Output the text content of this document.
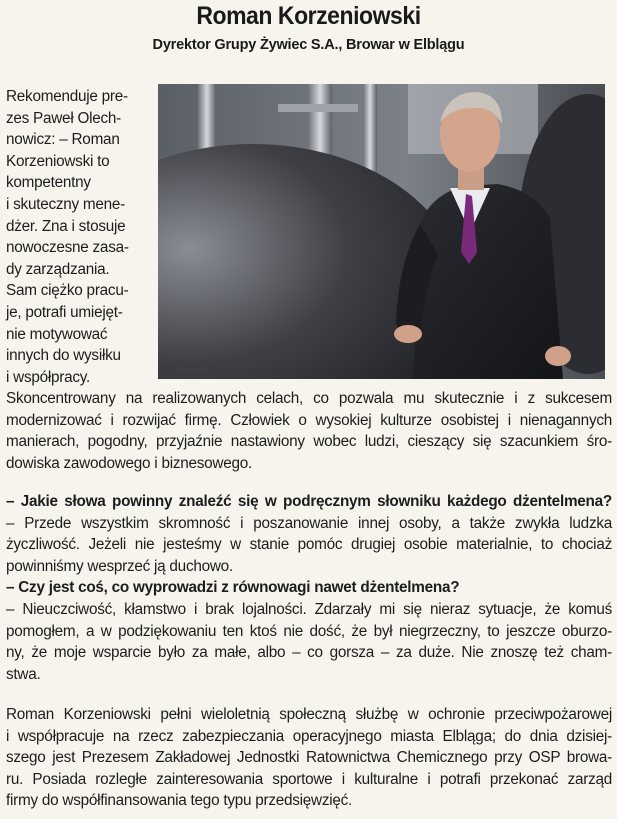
Roman Korzeniowski
Dyrektor Grupy Żywiec S.A., Browar w Elblągu
Rekomenduje pre-
zes Paweł Olech-
nowicz: – Roman
Korzeniowski to
kompetentny
i skuteczny mene-
dżer. Zna i stosuje
nowoczesne zasa-
dy zarządzania.
Sam ciężko pracu-
je, potrafi umiejęt-
nie motywować
innych do wysiłku
i współpracy.
Skoncentrowany na realizowanych celach, co pozwala mu skutecznie i z sukcesem
modernizować i rozwijać firmę. Człowiek o wysokiej kulturze osobistej i nienagannych
manierach, pogodny, przyjaźnie nastawiony wobec ludzi, cieszący się szacunkiem śro-
dowiska zawodowego i biznesowego.
– Jakie słowa powinny znaleźć się w podręcznym słowniku każdego dżentelmena?
– Przede wszystkim skromność i poszanowanie innej osoby, a także zwykła ludzka
życzliwość. Jeżeli nie jesteśmy w stanie pomóc drugiej osobie materialnie, to chociaż
powinniśmy wesprzeć ją duchowo.
– Czy jest coś, co wyprowadzi z równowagi nawet dżentelmena?
– Nieuczciwość, kłamstwo i brak lojalności. Zdarzały mi się nieraz sytuacje, że komuś
pomogłem, a w podziękowaniu ten ktoś nie dość, że był niegrzeczny, to jeszcze oburzo-
ny, że moje wsparcie było za małe, albo – co gorsza – za duże. Nie znoszę też cham-
stwa.
Roman Korzeniowski pełni wieloletnią społeczną służbę w ochronie przeciwpożarowej
i współpracuje na rzecz zabezpieczania operacyjnego miasta Elbląga; do dnia dzisiej-
szego jest Prezesem Zakładowej Jednostki Ratownictwa Chemicznego przy OSP browa-
ru. Posiada rozległe zainteresowania sportowe i kulturalne i potrafi przekonać zarząd
firmy do współfinansowania tego typu przedsięwzięć.
